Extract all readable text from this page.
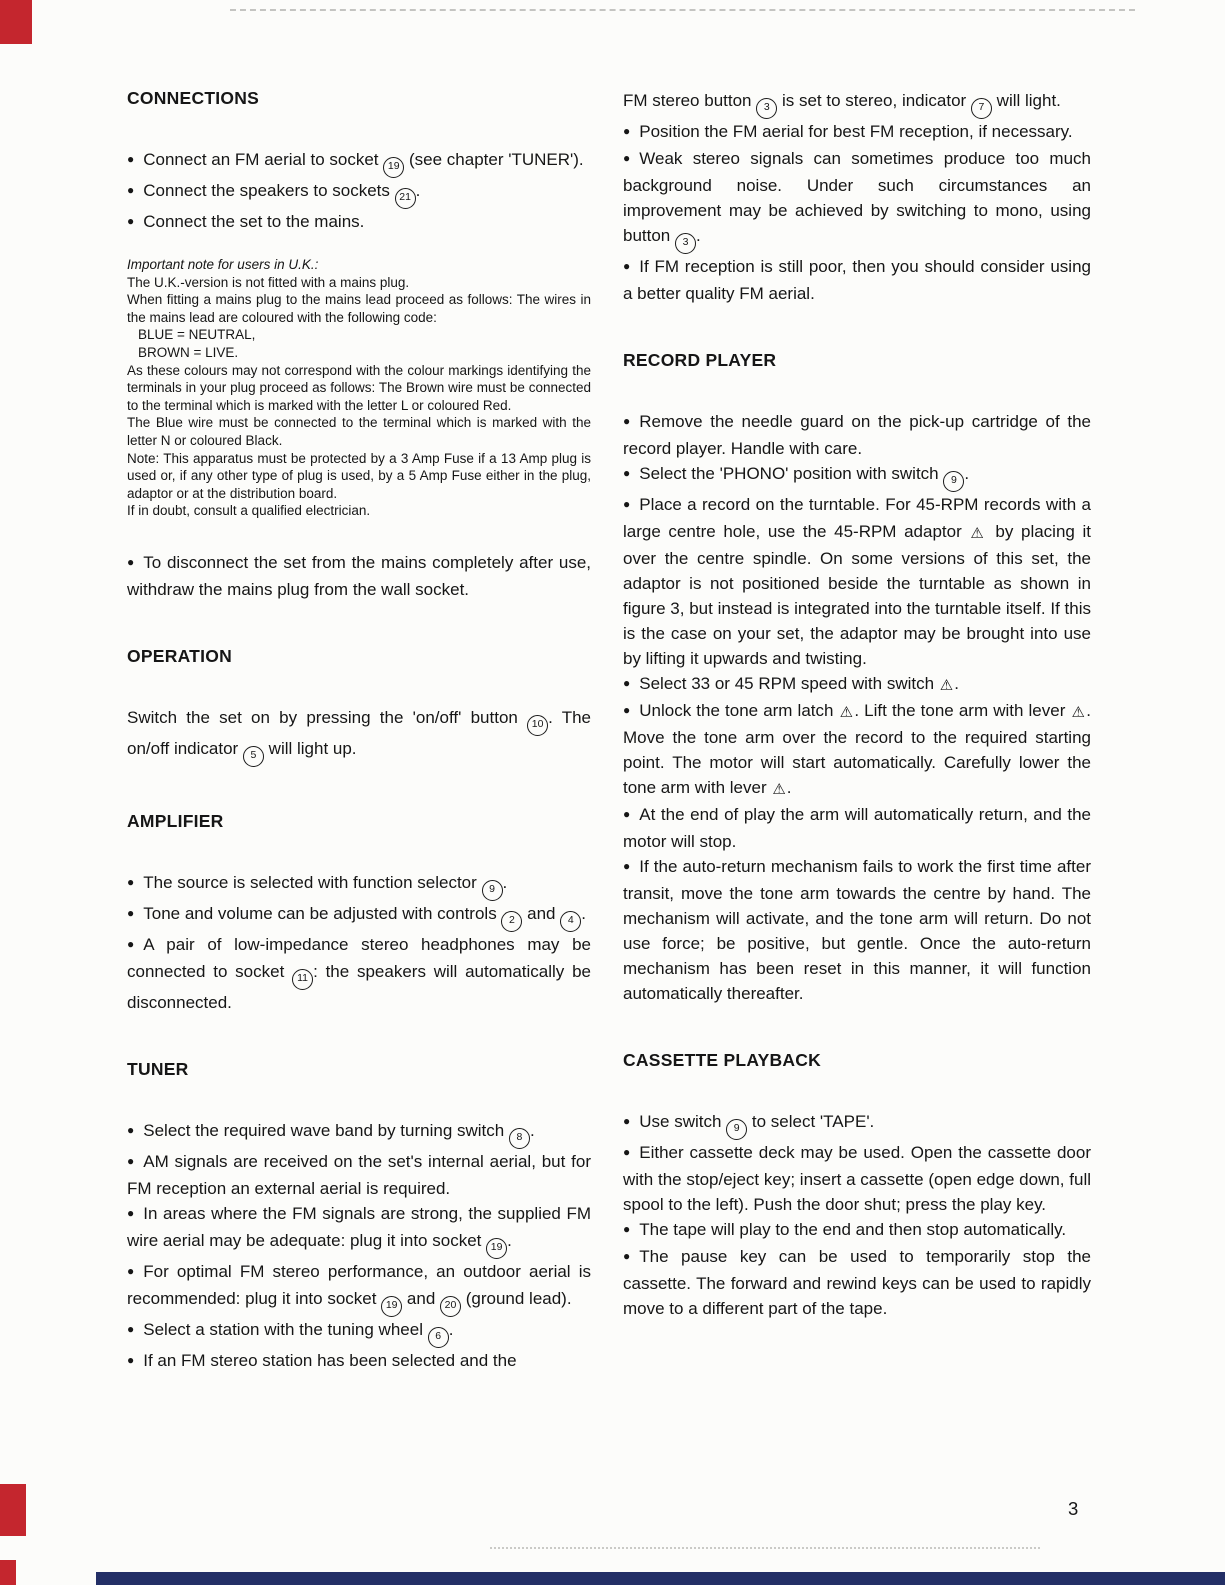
CONNECTIONS

● Connect an FM aerial to socket 19 (see chapter 'TUNER').

● Connect the speakers to sockets 21 .

● Connect the set to the mains.

Important note for users in U.K.:
The U.K.-version is not fitted with a mains plug.
When fitting a mains plug to the mains lead proceed as follows: The wires in the mains lead are coloured with the following code:
BLUE = NEUTRAL,
BROWN = LIVE.
As these colours may not correspond with the colour markings identifying the terminals in your plug proceed as follows: The Brown wire must be connected to the terminal which is marked with the letter L or coloured Red.
The Blue wire must be connected to the terminal which is marked with the letter N or coloured Black.
Note: This apparatus must be protected by a 3 Amp Fuse if a 13 Amp plug is used or, if any other type of plug is used, by a 5 Amp Fuse either in the plug, adaptor or at the distribution board.
If in doubt, consult a qualified electrician.

● To disconnect the set from the mains completely after use, withdraw the mains plug from the wall socket.

OPERATION

Switch the set on by pressing the 'on/off' button 10 . The on/off indicator 5 will light up.

AMPLIFIER

● The source is selected with function selector 9 .

● Tone and volume can be adjusted with controls 2 and 4 .

● A pair of low-impedance stereo headphones may be connected to socket 11 : the speakers will automatically be disconnected.

TUNER

● Select the required wave band by turning switch 8 .

● AM signals are received on the set's internal aerial, but for FM reception an external aerial is required.

● In areas where the FM signals are strong, the supplied FM wire aerial may be adequate: plug it into socket 19 .

● For optimal FM stereo performance, an outdoor aerial is recommended: plug it into socket 19 and 20 (ground lead).

● Select a station with the tuning wheel 6 .

● If an FM stereo station has been selected and the

FM stereo button 3 is set to stereo, indicator 7 will light.

● Position the FM aerial for best FM reception, if necessary.

● Weak stereo signals can sometimes produce too much background noise. Under such circumstances an improvement may be achieved by switching to mono, using button 3 .

● If FM reception is still poor, then you should consider using a better quality FM aerial.

RECORD PLAYER

● Remove the needle guard on the pick-up cartridge of the record player. Handle with care.

● Select the 'PHONO' position with switch 9 .

● Place a record on the turntable. For 45-RPM records with a large centre hole, use the 45-RPM adaptor ⚠ by placing it over the centre spindle. On some versions of this set, the adaptor is not positioned beside the turntable as shown in figure 3, but instead is integrated into the turntable itself. If this is the case on your set, the adaptor may be brought into use by lifting it upwards and twisting.

● Select 33 or 45 RPM speed with switch ⚠.

● Unlock the tone arm latch ⚠. Lift the tone arm with lever ⚠. Move the tone arm over the record to the required starting point. The motor will start automatically. Carefully lower the tone arm with lever ⚠.

● At the end of play the arm will automatically return, and the motor will stop.

● If the auto-return mechanism fails to work the first time after transit, move the tone arm towards the centre by hand. The mechanism will activate, and the tone arm will return. Do not use force; be positive, but gentle. Once the auto-return mechanism has been reset in this manner, it will function automatically thereafter.

CASSETTE PLAYBACK

● Use switch 9 to select 'TAPE'.

● Either cassette deck may be used. Open the cassette door with the stop/eject key; insert a cassette (open edge down, full spool to the left). Push the door shut; press the play key.

● The tape will play to the end and then stop automatically.

● The pause key can be used to temporarily stop the cassette. The forward and rewind keys can be used to rapidly move to a different part of the tape.

3
